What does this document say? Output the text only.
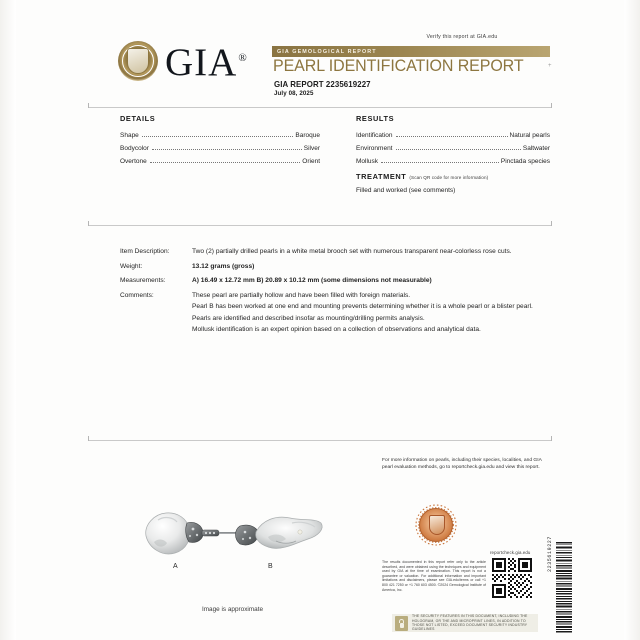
GIA®
Verify this report at GIA.edu
GIA GEMOLOGICAL REPORT
PEARL IDENTIFICATION REPORT
GIA REPORT 2235619227
July 08, 2025
+
DETAILS
Shape	Baroque
Bodycolor	Silver
Overtone	Orient
RESULTS
Identification	Natural pearls
Environment	Saltwater
Mollusk	Pinctada species
TREATMENT (Scan QR code for more information)
Filled and worked (see comments)
Item Description:	Two (2) partially drilled pearls in a white metal brooch set with numerous transparent near-colorless rose cuts.
Weight:	13.12 grams (gross)
Measurements:	A) 16.49 x 12.72 mm B) 20.89 x 10.12 mm (some dimensions not measurable)
Comments:	These pearl are partially hollow and have been filled with foreign materials.

Pearl B has been worked at one end and mounting prevents determining whether it is a whole pearl or a blister pearl.

Pearls are identified and described insofar as mounting/drilling permits analysis.

Mollusk identification is an expert opinion based on a collection of observations and analytical data.

A	B
Image is approximate
For more information on pearls, including their species, localities, and GIA pearl evaluation methods, go to reportcheck.gia.edu and view this report.
reportcheck.gia.edu
The results documented in this report refer only to the article described, and were obtained using the techniques and equipment used by GIA at the time of examination. This report is not a guarantee or valuation. For additional information and important limitations and disclaimers, please see GIA.edu/terms or call +1 800 421 7250 or +1 760 603 4500. ©2024 Gemological Institute of America, Inc.
THE SECURITY FEATURES IN THIS DOCUMENT, INCLUDING THE HOLOGRAM, OR THE AND MICROPRINT LINES, IN ADDITION TO THOSE NOT LISTED, EXCEED DOCUMENT SECURITY INDUSTRY GUIDELINES
2235619227
